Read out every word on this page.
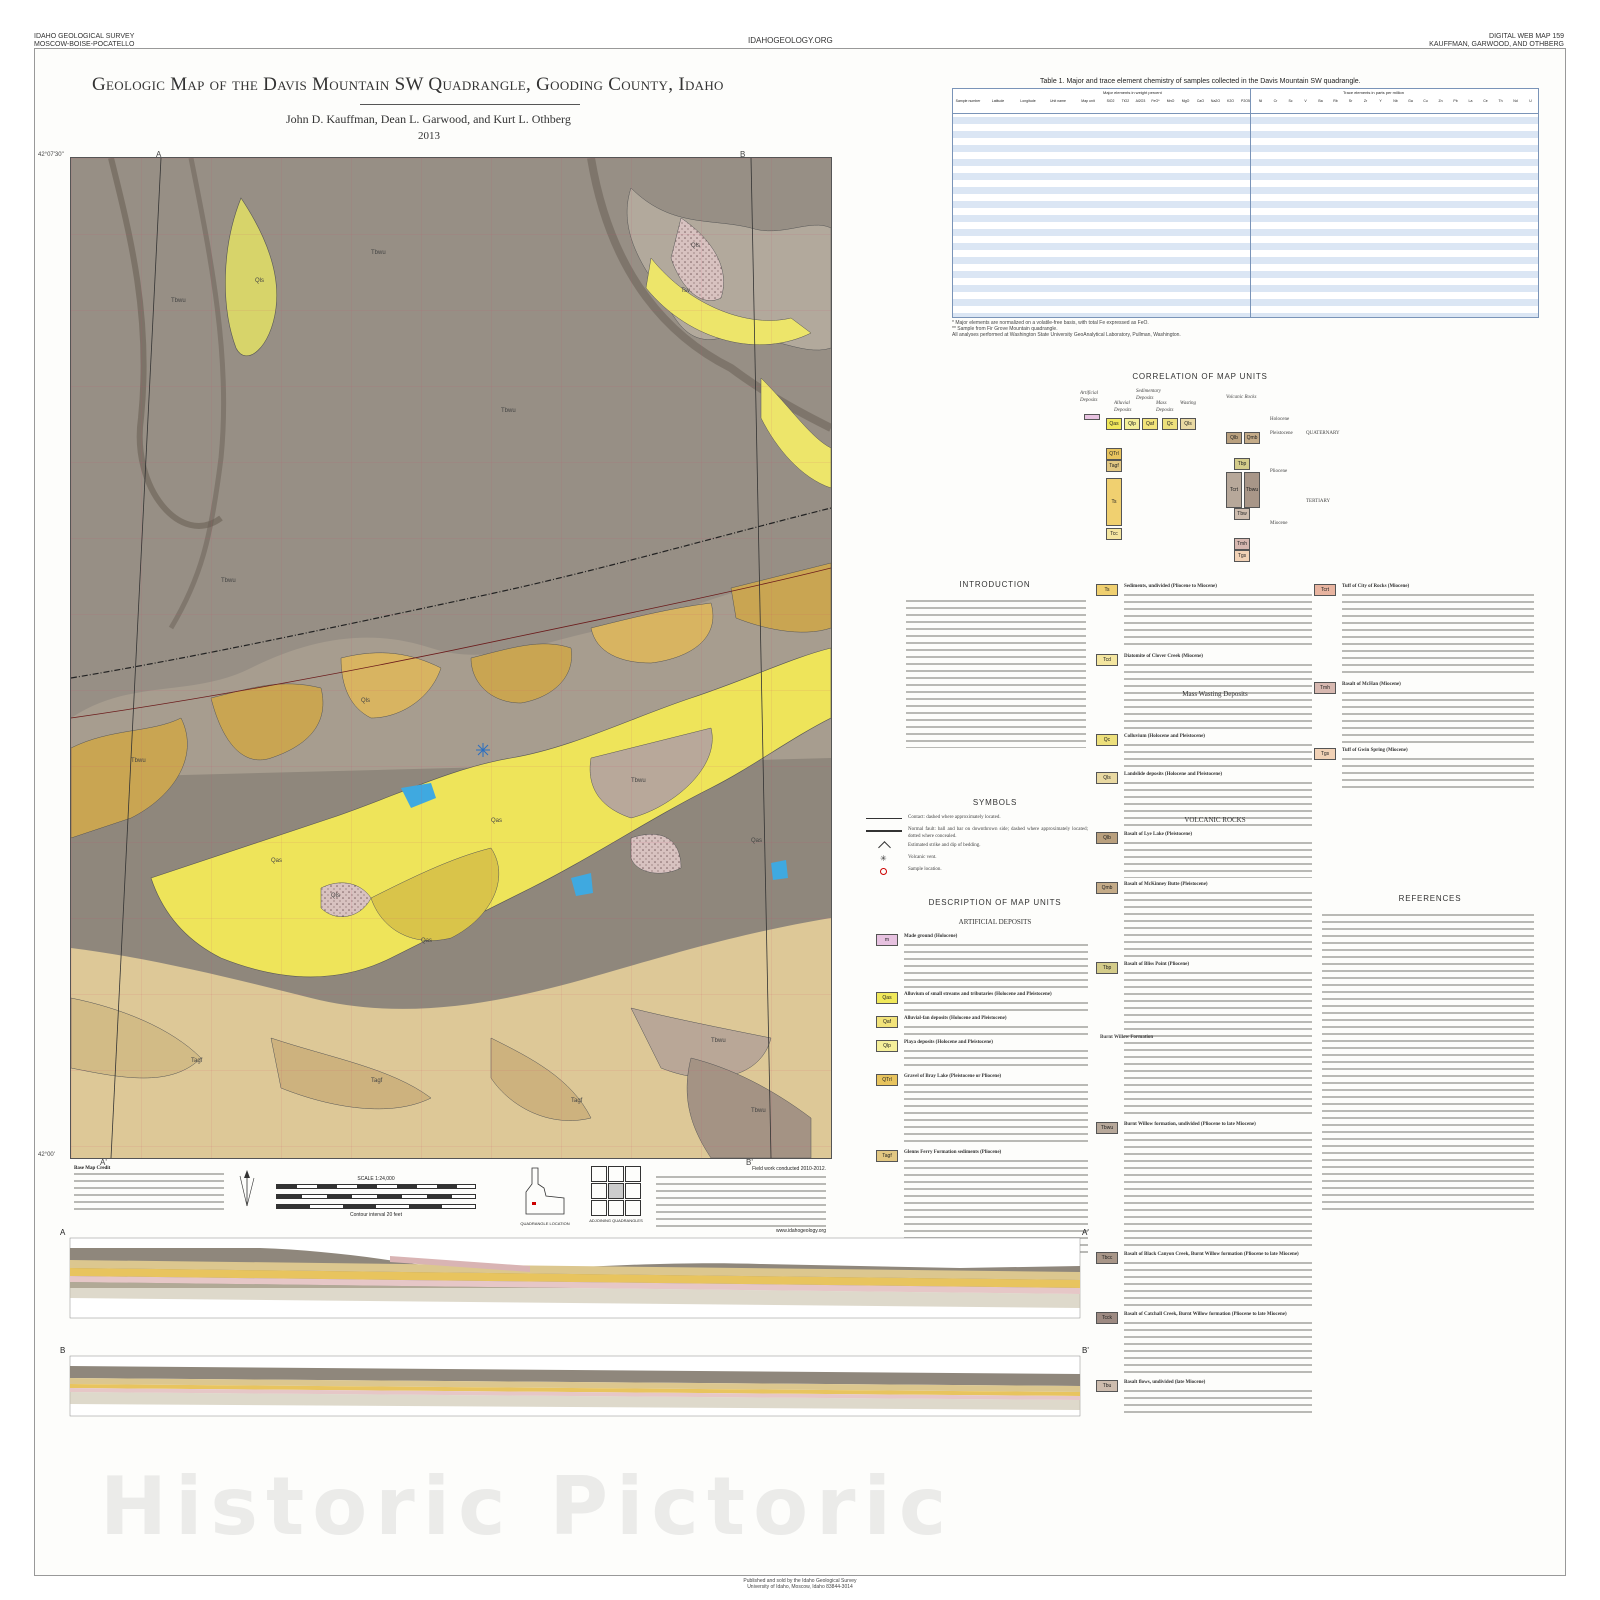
IDAHO GEOLOGICAL SURVEY
MOSCOW-BOISE-POCATELLO	IDAHOGEOLOGY.ORG	DIGITAL WEB MAP 159
KAUFFMAN, GARWOOD, AND OTHBERG
Geologic Map of the Davis Mountain SW Quadrangle, Gooding County, Idaho
John D. Kauffman, Dean L. Garwood, and Kurt L. Othberg
2013
Tbwu
Qls
Tbwu
Qls
Tsv
Tbwu
Tbwu
Qls
Qas
Tbwu
Tbwu
Qas
Qls
Qas
Tagf
Qas
Tagf
Tbwu
Tagf
Tbwu
42°07'30"
42°00'
A	B
A'	B'
Base Map Credit
SCALE 1:24,000
Contour interval 20 feet
QUADRANGLE LOCATION
ADJOINING QUADRANGLES
Field work conducted 2010-2012.
www.idahogeology.org
Table 1. Major and trace element chemistry of samples collected in the Davis Mountain SW quadrangle.
Major elements in weight percent	Trace elements in parts per million
Sample number	Latitude	Longitude	Unit name	Map unit	SiO2	TiO2	Al2O3	FeO*	MnO	MgO	CaO	Na2O	K2O	P2O5	Ni	Cr	Sc	V	Ba	Rb	Sr	Zr	Y	Nb	Ga	Cu	Zn	Pb	La	Ce	Th	Nd	U
* Major elements are normalized on a volatile-free basis, with total Fe expressed as FeO.
** Sample from Fir Grove Mountain quadrangle.
All analyses performed at Washington State University GeoAnalytical Laboratory, Pullman, Washington.
CORRELATION OF MAP UNITS
Artificial Deposits
Sedimentary Deposits
Alluvial Deposits
Mass Wasting Deposits
Volcanic Rocks
Qas	Qlp	Qaf	Qc	Qls
QTrl
Tagf
Qlb	Qmb
Tbp
Tcc
Ts
Tcrt	Tbwu
Tbw
Tmh
Tgs
Holocene
Pleistocene
Pliocene
Miocene
QUATERNARY
TERTIARY
INTRODUCTION
SYMBOLS
Contact: dashed where approximately located.
Normal fault: ball and bar on downthrown side; dashed where approximately located; dotted where concealed.
Estimated strike and dip of bedding.
✳	Volcanic vent.
Sample location.
DESCRIPTION OF MAP UNITS
ARTIFICIAL DEPOSITS
m
Made ground (Holocene)
Qas
Alluvium of small streams and tributaries (Holocene and Pleistocene)
Qaf
Alluvial-fan deposits (Holocene and Pleistocene)
Qlp
Playa deposits (Holocene and Pleistocene)
QTrl
Gravel of Bray Lake (Pleistocene or Pliocene)
Tagf
Glenns Ferry Formation sediments (Pliocene)
Ts
Sediments, undivided (Pliocene to Miocene)
Tcd
Diatomite of Clover Creek (Miocene)
Qc
Colluvium (Holocene and Pleistocene)
Qls
Landslide deposits (Holocene and Pleistocene)
Qlb
Basalt of Lye Lake (Pleistocene)
Qmb
Basalt of McKinney Butte (Pleistocene)
Tbp
Basalt of Bliss Point (Pliocene)
Tbwu
Burnt Willow formation, undivided (Pliocene to late Miocene)
Tbcc
Basalt of Black Canyon Creek, Burnt Willow formation (Pliocene to late Miocene)
Tcck
Basalt of Catchall Creek, Burnt Willow formation (Pliocene to late Miocene)
Tbu
Basalt flows, undivided (late Miocene)
Mass Wasting Deposits
VOLCANIC ROCKS
Burnt Willow Formation
Tcrt
Tuff of City of Rocks (Miocene)
Tmh
Basalt of McHan (Miocene)
Tgs
Tuff of Gwin Spring (Miocene)
REFERENCES
A	A'
B	B'
Historic Pictoric
Published and sold by the Idaho Geological Survey
University of Idaho, Moscow, Idaho 83844-3014
